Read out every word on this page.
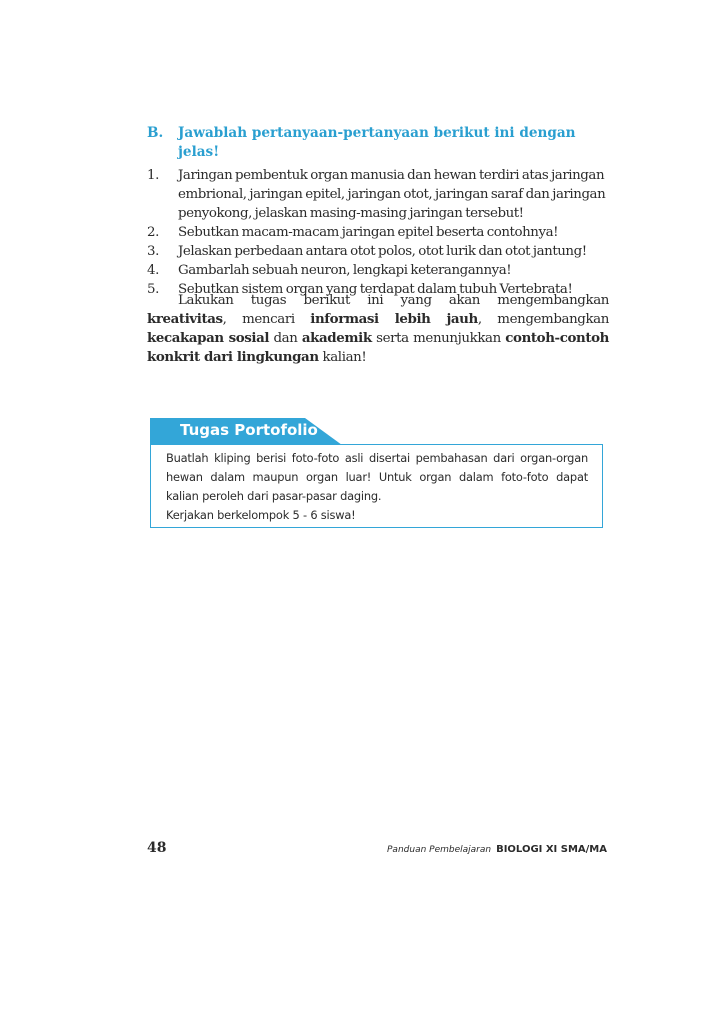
B.	Jawablah pertanyaan-pertanyaan berikut ini dengan jelas!
1.	Jaringan pembentuk organ manusia dan hewan terdiri atas jaringan
embrional, jaringan epitel, jaringan otot, jaringan saraf dan jaringan
penyokong, jelaskan masing-masing jaringan tersebut!
2.	Sebutkan macam-macam jaringan epitel beserta contohnya!
3.	Jelaskan perbedaan antara otot polos, otot lurik dan otot jantung!
4.	Gambarlah sebuah neuron, lengkapi keterangannya!
5.	Sebutkan sistem organ yang terdapat dalam tubuh Vertebrata!
Lakukan tugas berikut ini yang akan mengembangkan kreativitas, mencari informasi lebih jauh, mengembangkan kecakapan sosial dan akademik serta menunjukkan contoh-contoh konkrit dari lingkungan kalian!
Tugas Portofolio
Buatlah kliping berisi foto-foto asli disertai pembahasan dari organ-organ
hewan dalam maupun organ luar! Untuk organ dalam foto-foto dapat
kalian peroleh dari pasar-pasar daging.
Kerjakan berkelompok 5 - 6 siswa!
48	Panduan Pembelajaran BIOLOGI XI SMA/MA
